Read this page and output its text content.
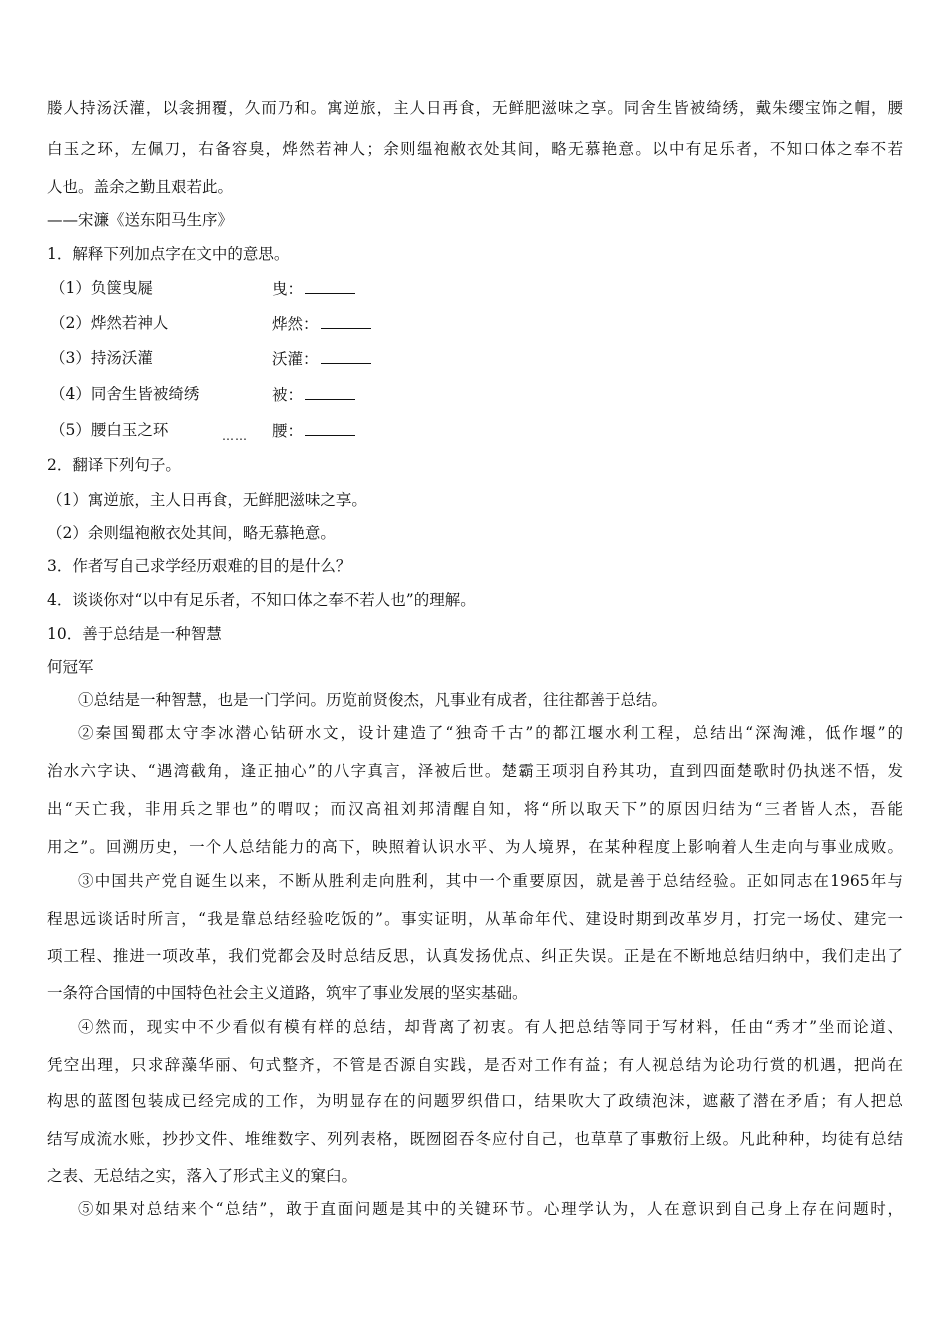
媵人持汤沃灌，以衾拥覆，久而乃和。寓逆旅，主人日再食，无鲜肥滋味之享。同舍生皆被绮绣，戴朱缨宝饰之帽，腰
白玉之环，左佩刀，右备容臭，烨然若神人；余则缊袍敝衣处其间，略无慕艳意。以中有足乐者，不知口体之奉不若
人也。盖余之勤且艰若此。
——宋濂《送东阳马生序》
1．解释下列加点字在文中的意思。
（1）负箧曳屣	曳：
（2）烨然若神人	烨然：
（3）持汤沃灌	沃灌：
（4）同舍生皆被绮绣	被：
（5）腰白玉之环	…… 腰：
2．翻译下列句子。
（1）寓逆旅，主人日再食，无鲜肥滋味之享。
（2）余则缊袍敝衣处其间，略无慕艳意。
3．作者写自己求学经历艰难的目的是什么？
4．谈谈你对“以中有足乐者，不知口体之奉不若人也”的理解。
10．善于总结是一种智慧
何冠军
①总结是一种智慧，也是一门学问。历览前贤俊杰，凡事业有成者，往往都善于总结。
②秦国蜀郡太守李冰潜心钻研水文，设计建造了“独奇千古”的都江堰水利工程，总结出“深淘滩，低作堰”的
治水六字诀、“遇湾截角，逢正抽心”的八字真言，泽被后世。楚霸王项羽自矜其功，直到四面楚歌时仍执迷不悟，发
出“天亡我，非用兵之罪也”的喟叹；而汉高祖刘邦清醒自知，将“所以取天下”的原因归结为“三者皆人杰，吾能
用之”。回溯历史，一个人总结能力的高下，映照着认识水平、为人境界，在某种程度上影响着人生走向与事业成败。
③中国共产党自诞生以来，不断从胜利走向胜利，其中一个重要原因，就是善于总结经验。正如同志在1965年与
程思远谈话时所言，“我是靠总结经验吃饭的”。事实证明，从革命年代、建设时期到改革岁月，打完一场仗、建完一
项工程、推进一项改革，我们党都会及时总结反思，认真发扬优点、纠正失误。正是在不断地总结归纳中，我们走出了
一条符合国情的中国特色社会主义道路，筑牢了事业发展的坚实基础。
④然而，现实中不少看似有模有样的总结，却背离了初衷。有人把总结等同于写材料，任由“秀才”坐而论道、
凭空出理，只求辞藻华丽、句式整齐，不管是否源自实践，是否对工作有益；有人视总结为论功行赏的机遇，把尚在
构思的蓝图包装成已经完成的工作，为明显存在的问题罗织借口，结果吹大了政绩泡沫，遮蔽了潜在矛盾；有人把总
结写成流水账，抄抄文件、堆维数字、列列表格，既囫囵吞冬应付自己，也草草了事敷衍上级。凡此种种，均徒有总结
之表、无总结之实，落入了形式主义的窠臼。
⑤如果对总结来个“总结”，敢于直面问题是其中的关键环节。心理学认为，人在意识到自己身上存在问题时，
